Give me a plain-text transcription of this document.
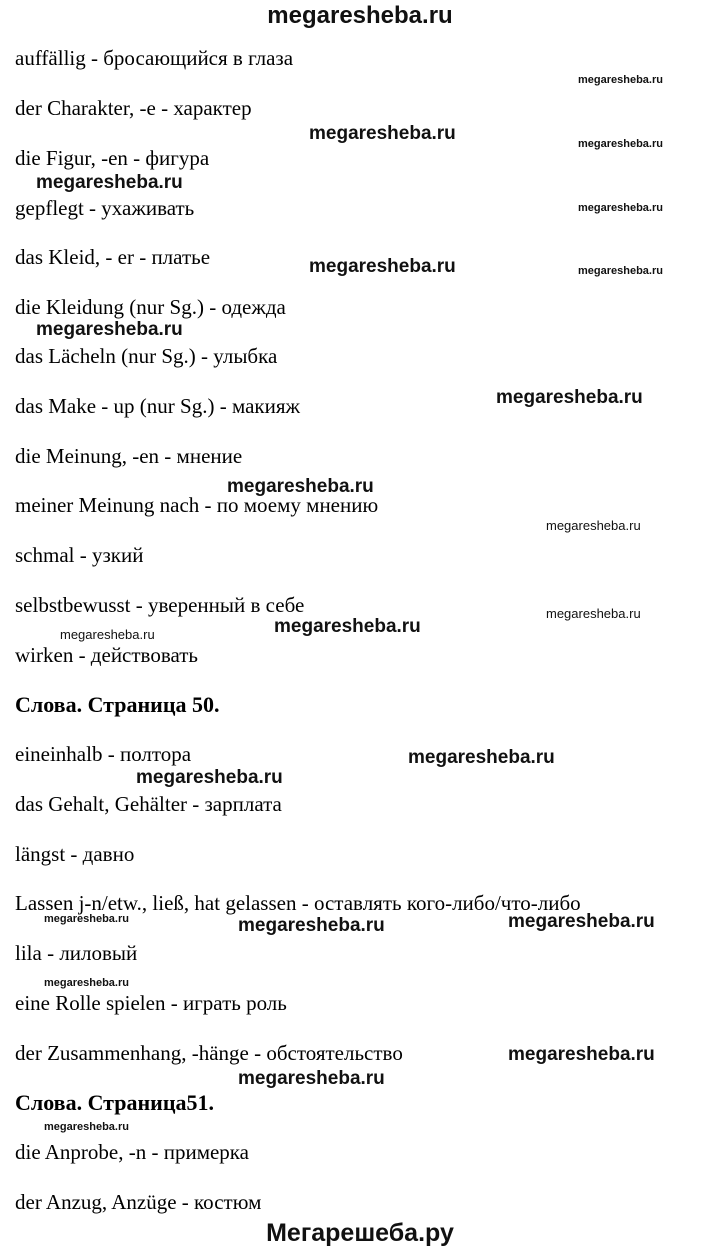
megaresheba.ru
auffällig - бросающийся в глаза
der Charakter, -e - характер
die Figur, -en - фигура
gepflegt - ухаживать
das Kleid, - er - платье
die Kleidung (nur Sg.) - одежда
das Lächeln (nur Sg.) - улыбка
das Make - up (nur Sg.) - макияж
die Meinung, -en - мнение
meiner Meinung nach - по моему мнению
schmal - узкий
selbstbewusst - уверенный в себе
wirken - действовать
Слова. Страница 50.
eineinhalb - полтора
das Gehalt, Gehälter - зарплата
längst - давно
Lassen j-n/etw., ließ, hat gelassen - оставлять кого-либо/что-либо
lila - лиловый
eine Rolle spielen - играть роль
der Zusammenhang, -hänge - обстоятельство
Слова. Страница51.
die Anprobe, -n - примерка
der Anzug, Anzüge - костюм
megaresheba.ru
megaresheba.ru	megaresheba.ru
megaresheba.ru
megaresheba.ru
megaresheba.ru	megaresheba.ru
megaresheba.ru
megaresheba.ru
megaresheba.ru
megaresheba.ru
megaresheba.ru
megaresheba.ru
megaresheba.ru
megaresheba.ru
megaresheba.ru
megaresheba.ru	megaresheba.ru	megaresheba.ru
megaresheba.ru
megaresheba.ru
megaresheba.ru
megaresheba.ru
Мегарешеба.ру
